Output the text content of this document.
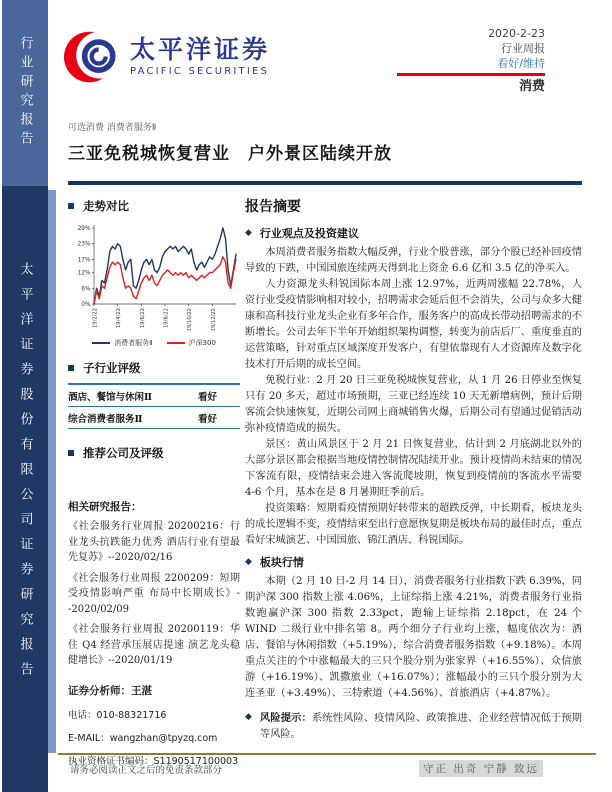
行业研究报告
太平洋证券股份有限公司证券研究报告
太平洋证券
PACIFIC SECURITIES
2020-2-23
行业周报
看好/维持
消费
可选消费 消费者服务Ⅱ
三亚免税城恢复营业　户外景区陆续开放
走势对比
0%
6%
12%
17%
23%
29%
19/2/22	19/4/22	19/6/22	19/8/22	19/10/22	19/12/22
消费者服务Ⅱ	沪深300
子行业评级
酒店、餐馆与休闲Ⅱ	看好
综合消费者服务Ⅱ	看好
推荐公司及评级
相关研究报告：
《社会服务行业周报 20200216：行业龙头抗跌能力优秀 酒店行业有望最先复苏》--2020/02/16
《社会服务行业周报 2200209：短期受疫情影响严重 布局中长期成长》--2020/02/09
《社会服务行业周报 20200119：华住 Q4 经营承压展店提速 演艺龙头稳健增长》--2020/01/19
证券分析师：王湛
电话：010-88321716
E-MAIL：wangzhan@tpyzq.com
执业资格证书编码：S1190517100003
报告摘要
◆ 行业观点及投资建议

本周消费者服务指数大幅反弹，行业个股普涨，部分个股已经补回疫情导致的下跌，中国国旅连续两天得到北上资金 6.6 亿和 3.5 亿的净买入。

人力资源龙头科锐国际本周上涨 12.97%，近两周涨幅 22.78%，人资行业受疫情影响相对较小，招聘需求会延后但不会消失，公司与众多大健康和高科技行业龙头企业有多年合作，服务客户的高成长带动招聘需求的不断增长。公司去年下半年开始组织架构调整，转变为前店后厂、重度垂直的运营策略，针对重点区域深度开发客户，有望依靠现有人才资源库及数字化技术打开后期的成长空间。

免税行业：2 月 20 日三亚免税城恢复营业，从 1 月 26 日停业至恢复只有 20 多天，超过市场预期，三亚已经连续 10 天无新增病例，预计后期客流会快速恢复，近期公司网上商城销售火爆，后期公司有望通过促销活动弥补疫情造成的损失。

景区：黄山风景区于 2 月 21 日恢复营业，估计到 2 月底湖北以外的大部分景区都会根据当地疫情控制情况陆续开业。预计疫情尚未结束的情况下客流有限，疫情结束会进入客流爬坡期，恢复到疫情前的客流水平需要 4-6 个月，基本在是 8 月暑期旺季前后。

投资策略：短期看疫情预期好转带来的超跌反弹，中长期看，板块龙头的成长逻辑不变，疫情结束至出行意愿恢复期是板块布局的最佳时点，重点看好宋城演艺、中国国旅、锦江酒店、科锐国际。

◆ 板块行情

本期（2 月 10 日-2 月 14 日），消费者服务行业指数下跌 6.39%，同期沪深 300 指数上涨 4.06%，上证综指上涨 4.21%，消费者服务行业指数跑赢沪深 300 指数 2.33pct，跑输上证综指 2.18pct，在 24 个 WIND 二级行业中排名第 8。两个细分子行业均上涨，幅度依次为：酒店、餐馆与休闲指数（+5.19%），综合消费者服务指数（+9.18%）。本周重点关注的个中涨幅最大的三只个股分别为张家界（+16.55%）、众信旅游（+16.19%）、凯撒旅业（+16.07%）；涨幅最小的三只个股分别为大连圣亚（+3.49%）、三特索道（+4.56%）、首旅酒店（+4.87%）。

◆ 风险提示：系统性风险、疫情风险、政策推进、企业经营情况低于预期等风险。
请务必阅读正文之后的免责条款部分	守正 出奇 宁静 致远
